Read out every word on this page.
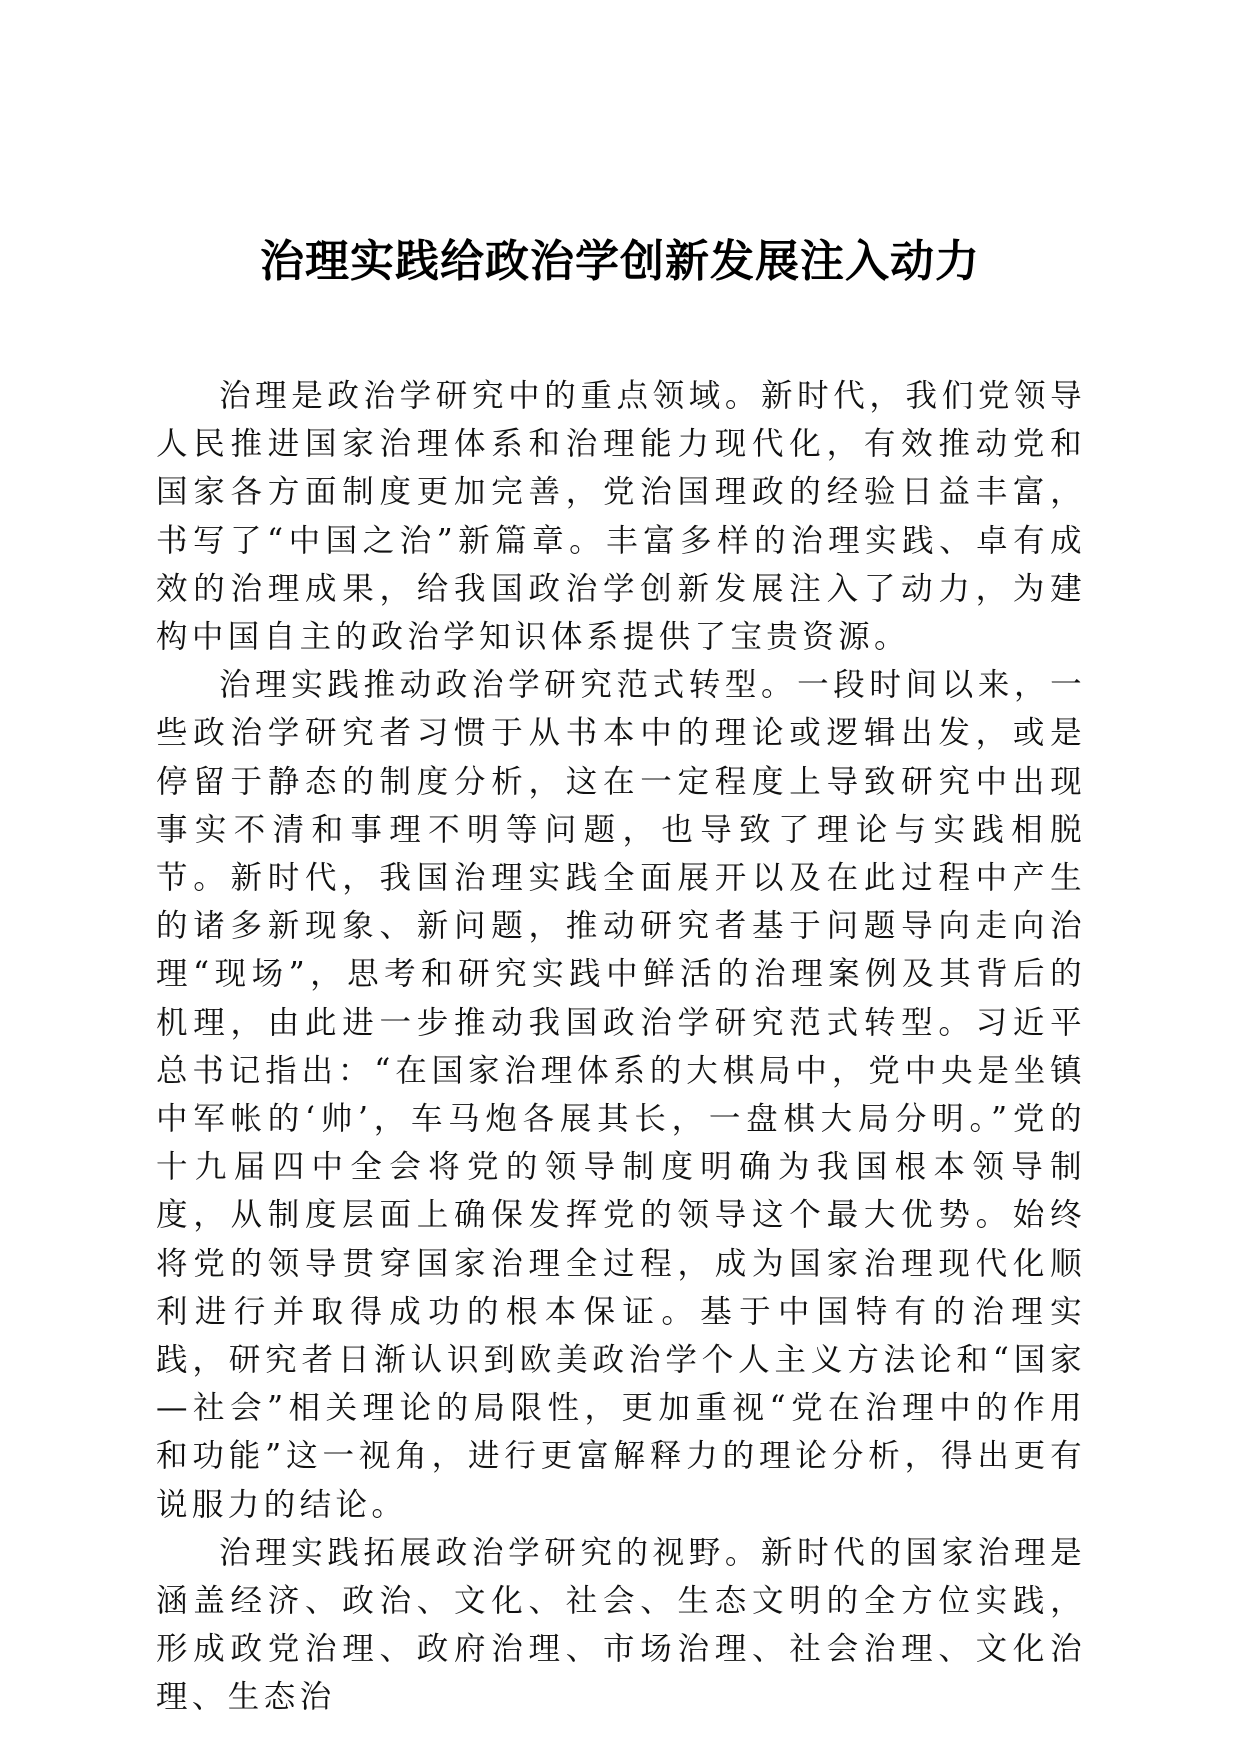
治理实践给政治学创新发展注入动力

治理是政治学研究中的重点领域。新时代，我们党领导人民推进国家治理体系和治理能力现代化，有效推动党和国家各方面制度更加完善，党治国理政的经验日益丰富，书写了“中国之治”新篇章。丰富多样的治理实践、卓有成效的治理成果，给我国政治学创新发展注入了动力，为建构中国自主的政治学知识体系提供了宝贵资源。

治理实践推动政治学研究范式转型。一段时间以来，一些政治学研究者习惯于从书本中的理论或逻辑出发，或是停留于静态的制度分析，这在一定程度上导致研究中出现事实不清和事理不明等问题，也导致了理论与实践相脱节。新时代，我国治理实践全面展开以及在此过程中产生的诸多新现象、新问题，推动研究者基于问题导向走向治理“现场”，思考和研究实践中鲜活的治理案例及其背后的机理，由此进一步推动我国政治学研究范式转型。习近平总书记指出：“在国家治理体系的大棋局中，党中央是坐镇中军帐的‘帅’，车马炮各展其长，一盘棋大局分明。”党的十九届四中全会将党的领导制度明确为我国根本领导制度，从制度层面上确保发挥党的领导这个最大优势。始终将党的领导贯穿国家治理全过程，成为国家治理现代化顺利进行并取得成功的根本保证。基于中国特有的治理实践，研究者日渐认识到欧美政治学个人主义方法论和“国家—社会”相关理论的局限性，更加重视“党在治理中的作用和功能”这一视角，进行更富解释力的理论分析，得出更有说服力的结论。

治理实践拓展政治学研究的视野。新时代的国家治理是涵盖经济、政治、文化、社会、生态文明的全方位实践，形成政党治理、政府治理、市场治理、社会治理、文化治理、生态治
